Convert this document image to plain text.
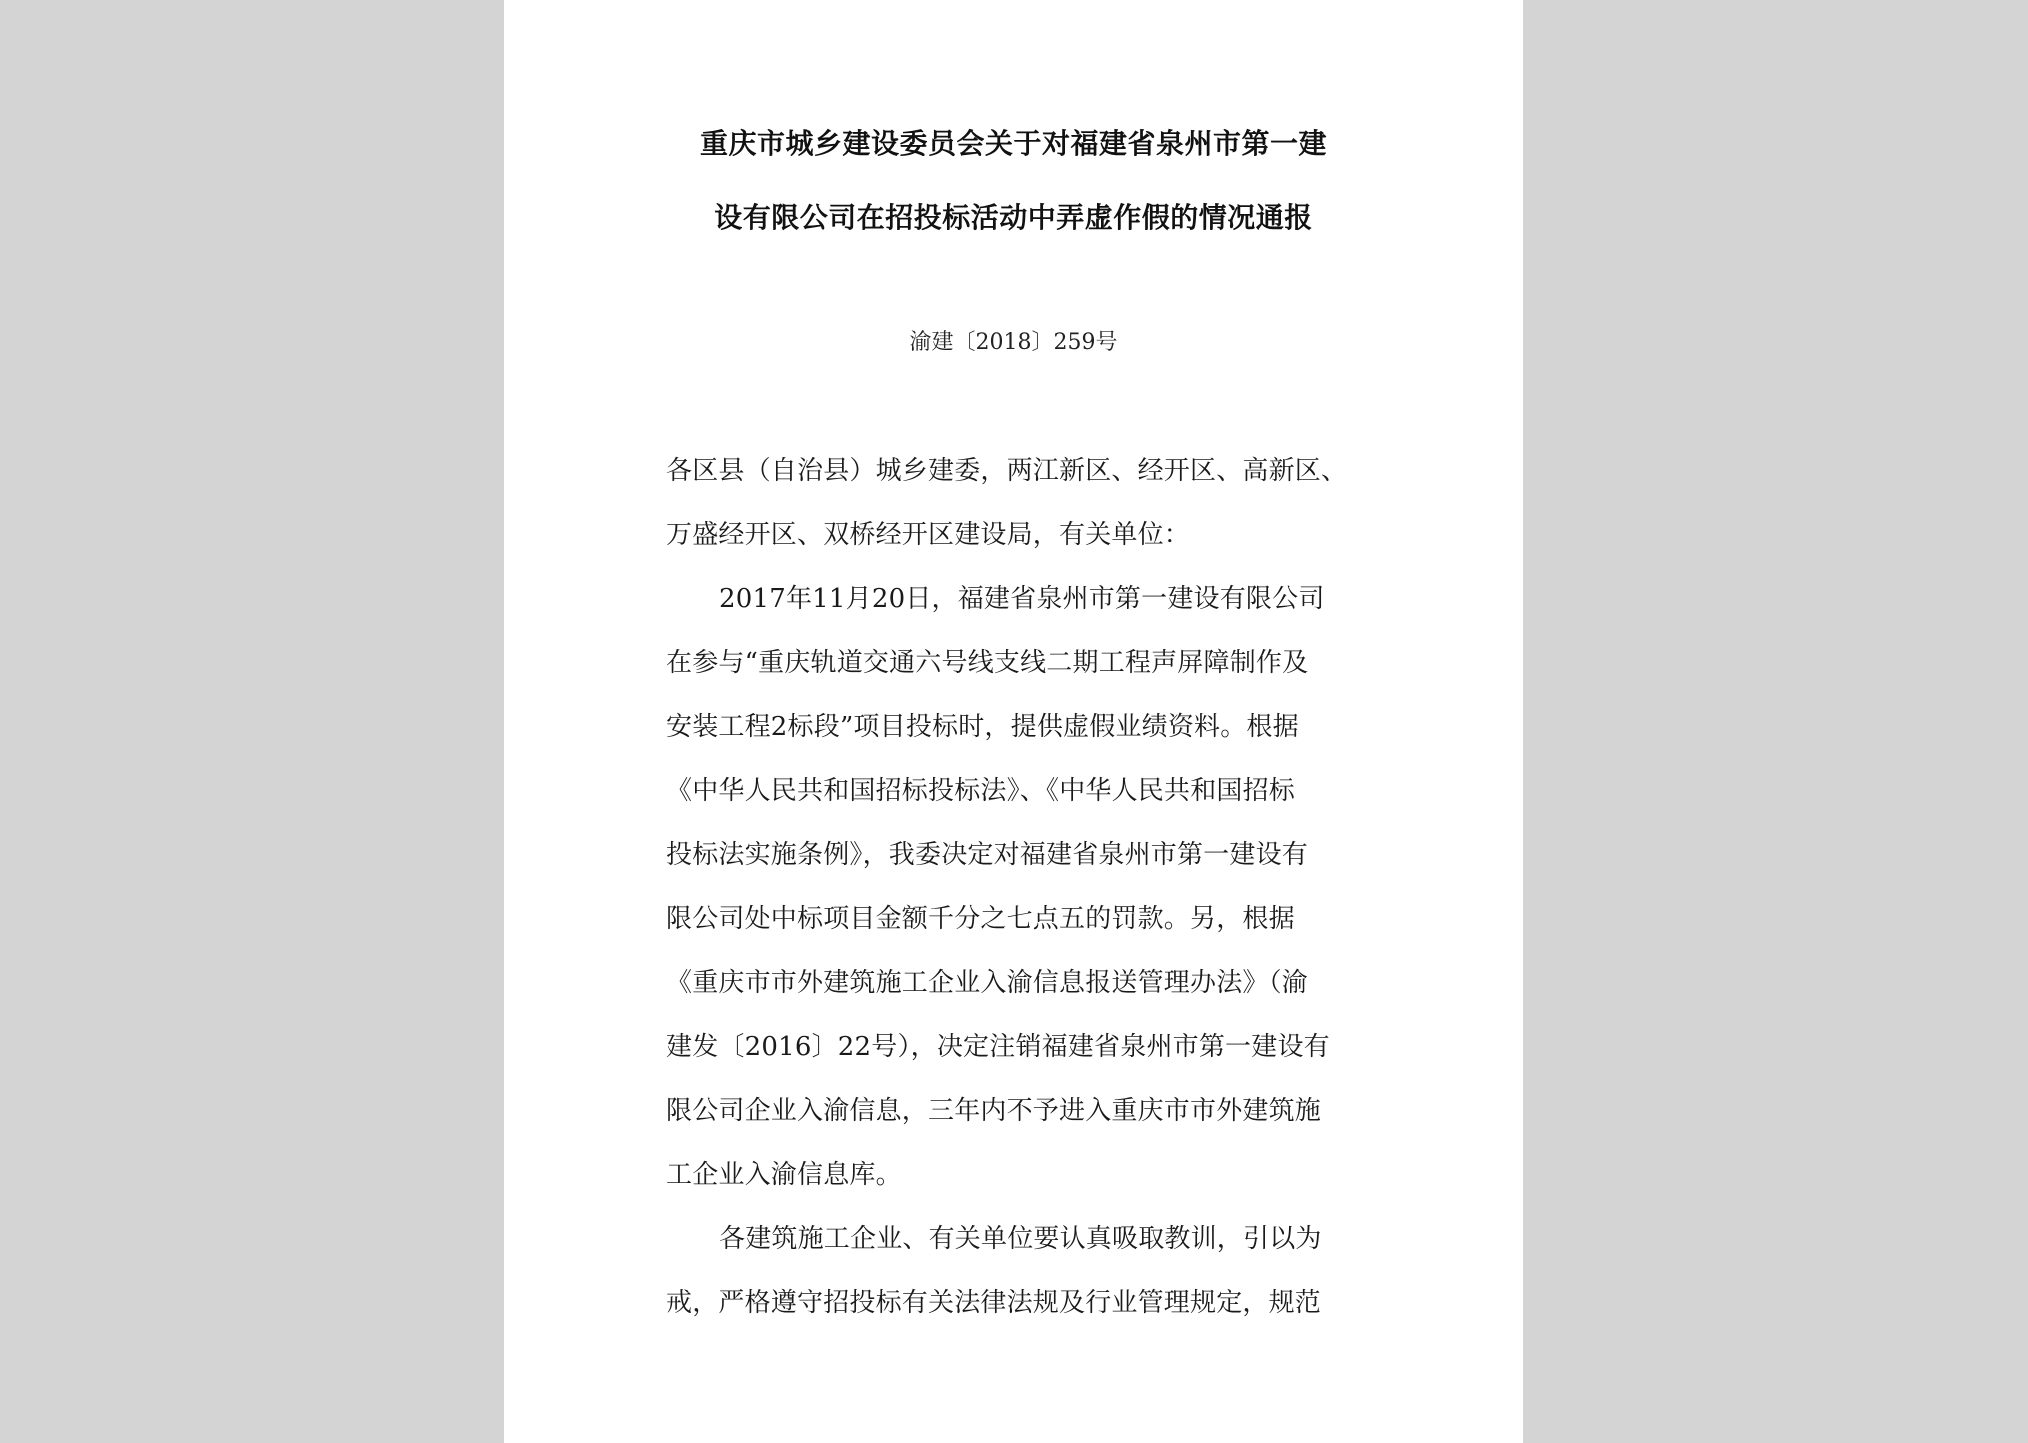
重庆市城乡建设委员会关于对福建省泉州市第一建
设有限公司在招投标活动中弄虚作假的情况通报
渝建〔2018〕259号
各区县（自治县）城乡建委，两江新区、经开区、高新区、
万盛经开区、双桥经开区建设局，有关单位：
2017年11月20日，福建省泉州市第一建设有限公司
在参与“重庆轨道交通六号线支线二期工程声屏障制作及
安装工程2标段”项目投标时，提供虚假业绩资料。根据
《中华人民共和国招标投标法》、《中华人民共和国招标
投标法实施条例》，我委决定对福建省泉州市第一建设有
限公司处中标项目金额千分之七点五的罚款。另，根据
《重庆市市外建筑施工企业入渝信息报送管理办法》（渝
建发〔2016〕22号），决定注销福建省泉州市第一建设有
限公司企业入渝信息，三年内不予进入重庆市市外建筑施
工企业入渝信息库。
各建筑施工企业、有关单位要认真吸取教训，引以为
戒，严格遵守招投标有关法律法规及行业管理规定，规范
